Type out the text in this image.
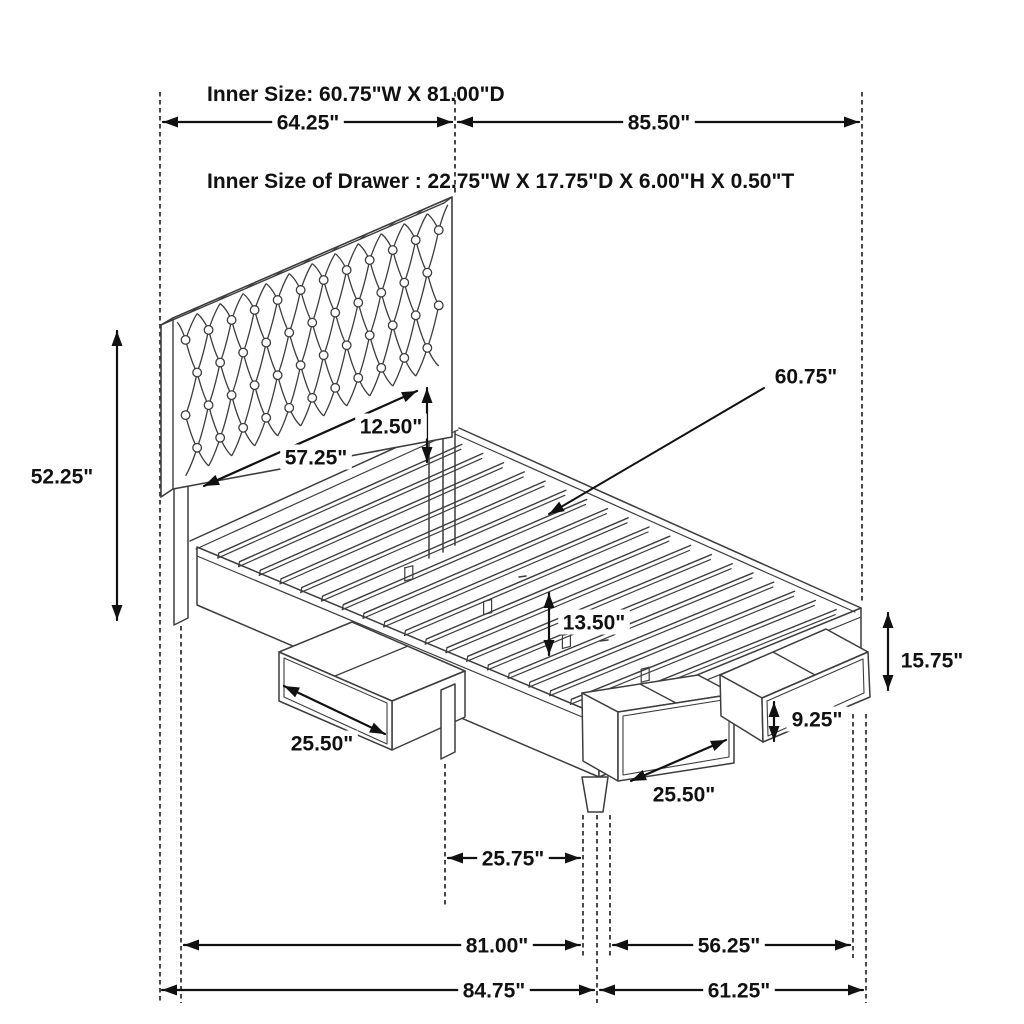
Inner Size: 60.75"W X 81.00"D

Inner Size of Drawer : 22.75"W X 17.75"D X 6.00"H X 0.50"T

64.25"	85.50"
52.25"
57.25"
12.50"
60.75"
13.50"
15.75"
9.25"
25.50"
25.50"
25.75"
81.00"	56.25"
84.75"	61.25"
